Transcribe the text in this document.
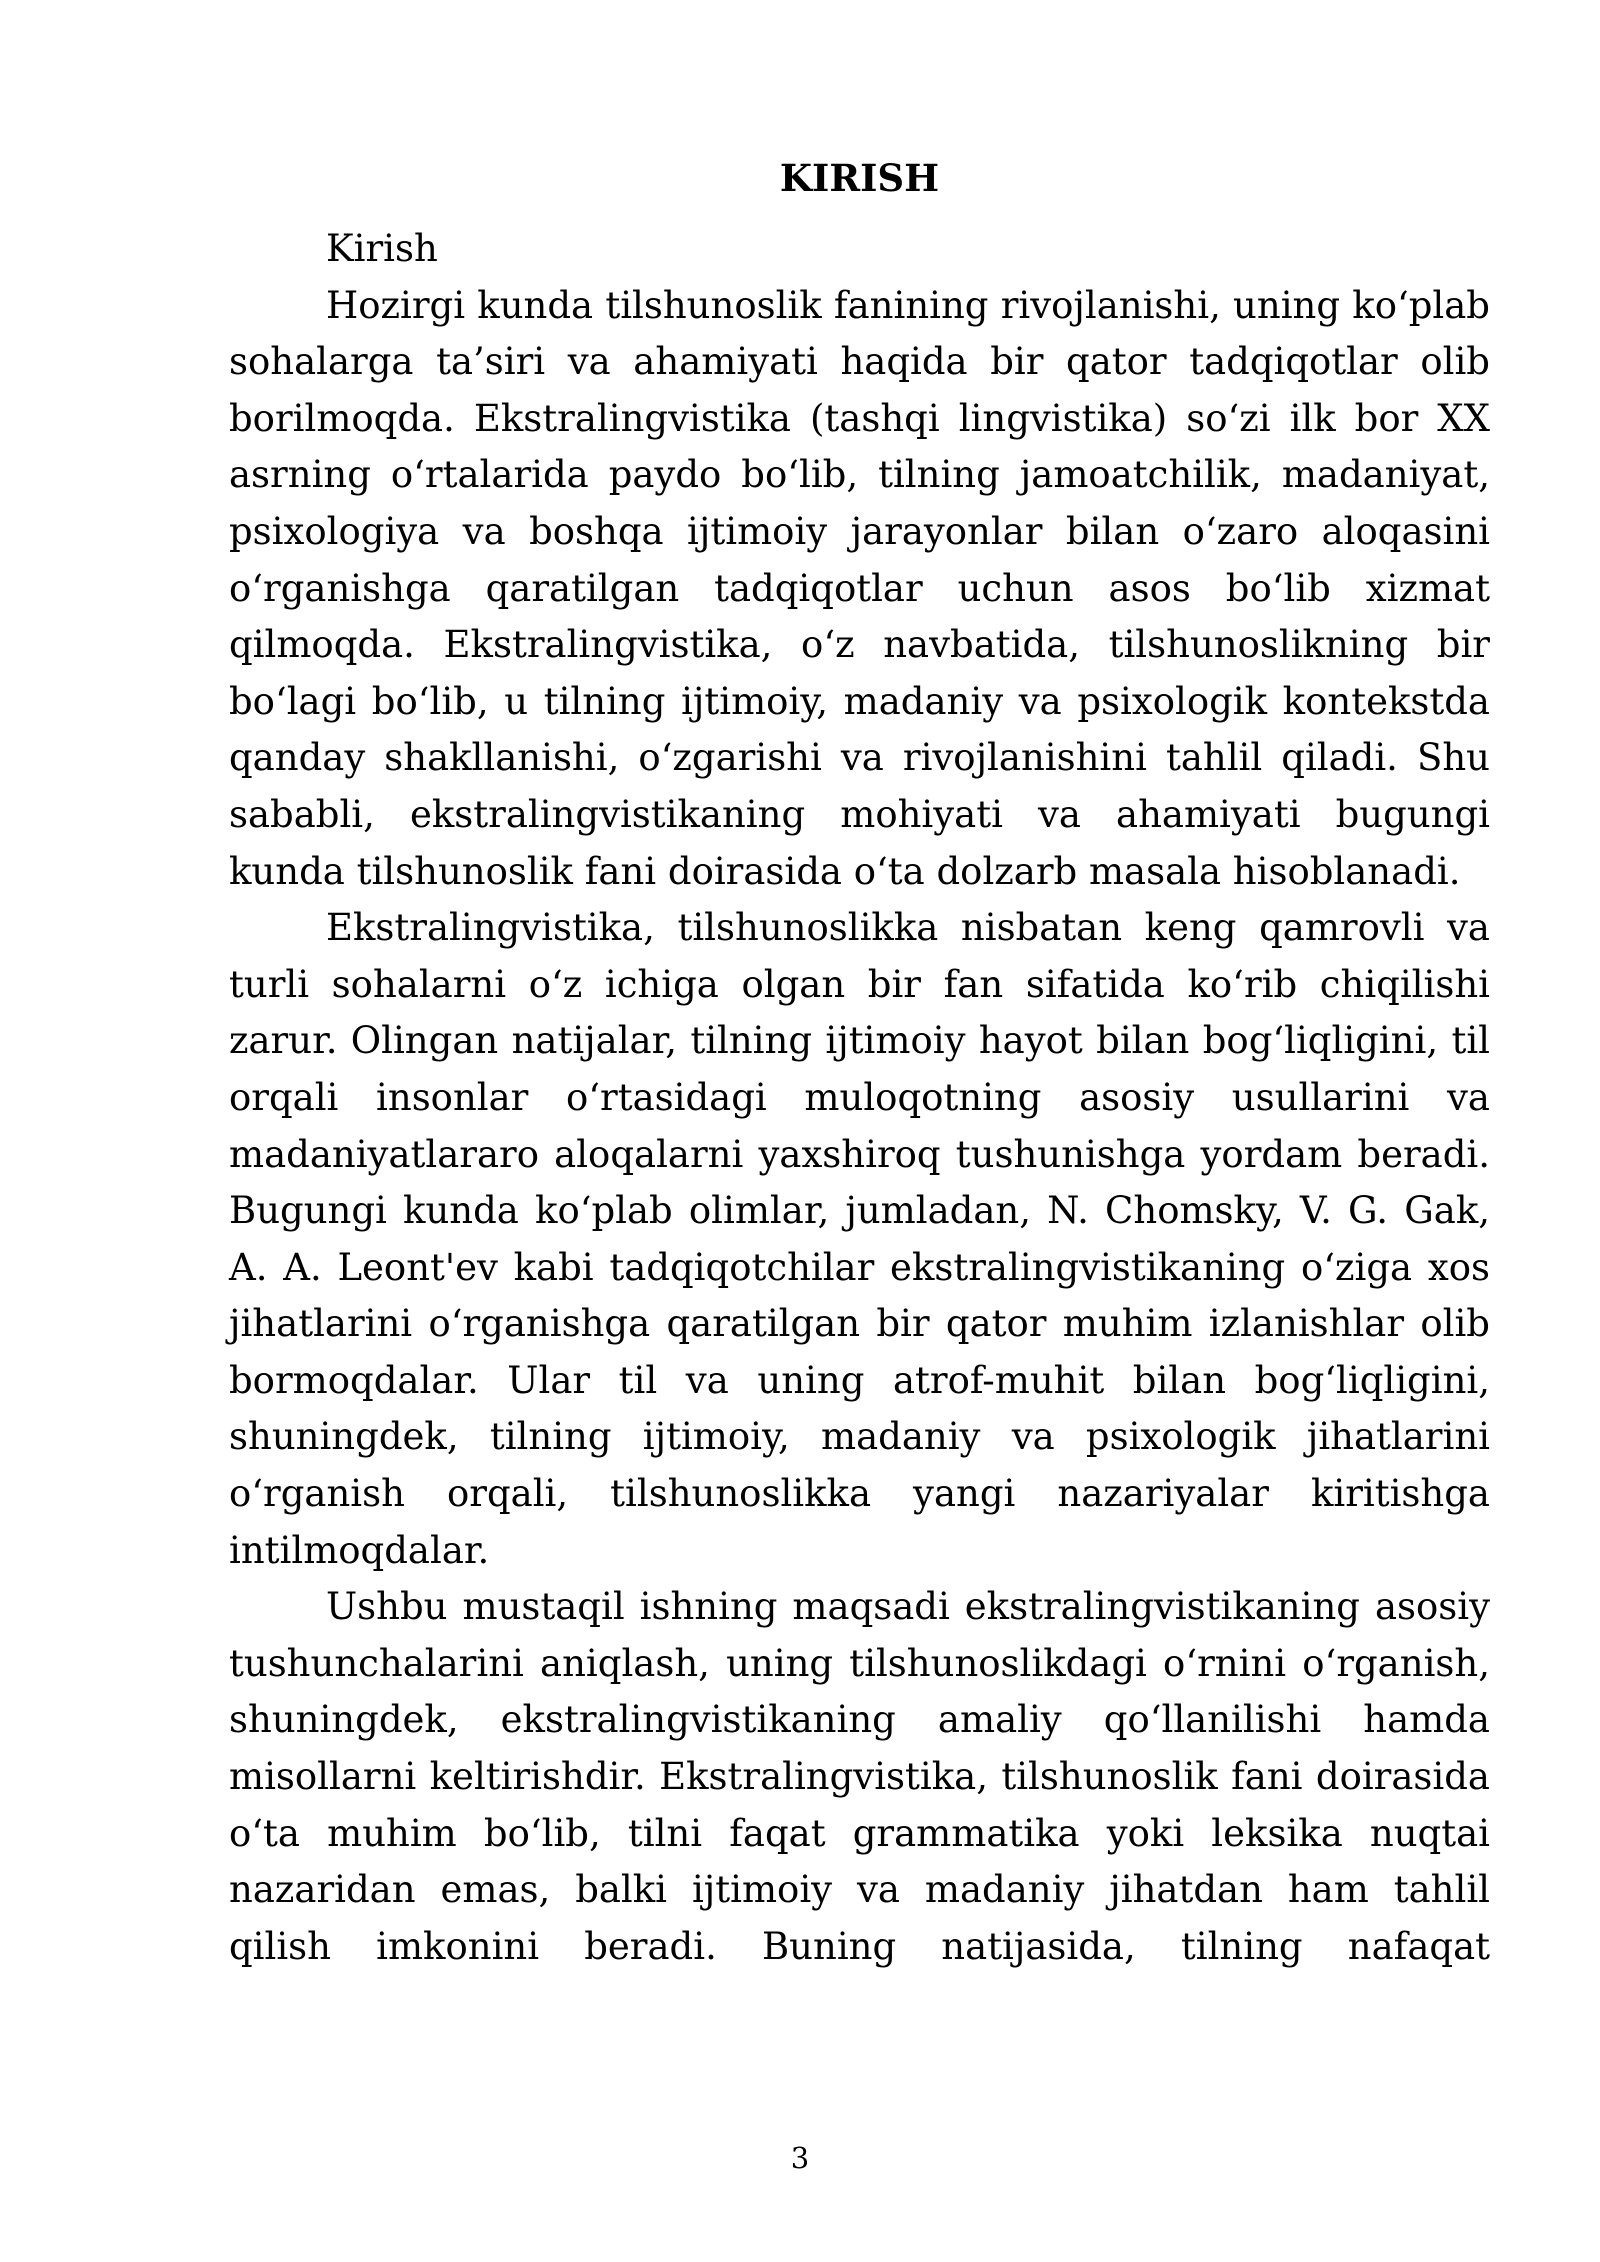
KIRISH

Kirish

Hozirgi kunda tilshunoslik fanining rivojlanishi, uning ko‘plab sohalarga ta’siri va ahamiyati haqida bir qator tadqiqotlar olib borilmoqda. Ekstralingvistika (tashqi lingvistika) so‘zi ilk bor XX asrning o‘rtalarida paydo bo‘lib, tilning jamoatchilik, madaniyat, psixologiya va boshqa ijtimoiy jarayonlar bilan o‘zaro aloqasini o‘rganishga qaratilgan tadqiqotlar uchun asos bo‘lib xizmat qilmoqda. Ekstralingvistika, o‘z navbatida, tilshunoslikning bir bo‘lagi bo‘lib, u tilning ijtimoiy, madaniy va psixologik kontekstda qanday shakllanishi, o‘zgarishi va rivojlanishini tahlil qiladi. Shu sababli, ekstralingvistikaning mohiyati va ahamiyati bugungi kunda tilshunoslik fani doirasida o‘ta dolzarb masala hisoblanadi.

Ekstralingvistika, tilshunoslikka nisbatan keng qamrovli va turli sohalarni o‘z ichiga olgan bir fan sifatida ko‘rib chiqilishi zarur. Olingan natijalar, tilning ijtimoiy hayot bilan bog‘liqligini, til orqali insonlar o‘rtasidagi muloqotning asosiy usullarini va madaniyatlararo aloqalarni yaxshiroq tushunishga yordam beradi. Bugungi kunda ko‘plab olimlar, jumladan, N. Chomsky, V. G. Gak, A. A. Leont'ev kabi tadqiqotchilar ekstralingvistikaning o‘ziga xos jihatlarini o‘rganishga qaratilgan bir qator muhim izlanishlar olib bormoqdalar. Ular til va uning atrof-muhit bilan bog‘liqligini, shuningdek, tilning ijtimoiy, madaniy va psixologik jihatlarini o‘rganish orqali, tilshunoslikka yangi nazariyalar kiritishga intilmoqdalar.

Ushbu mustaqil ishning maqsadi ekstralingvistikaning asosiy tushunchalarini aniqlash, uning tilshunoslikdagi o‘rnini o‘rganish, shuningdek, ekstralingvistikaning amaliy qo‘llanilishi hamda misollarni keltirishdir. Ekstralingvistika, tilshunoslik fani doirasida o‘ta muhim bo‘lib, tilni faqat grammatika yoki leksika nuqtai nazaridan emas, balki ijtimoiy va madaniy jihatdan ham tahlil qilish imkonini beradi. Buning natijasida, tilning nafaqat

3
